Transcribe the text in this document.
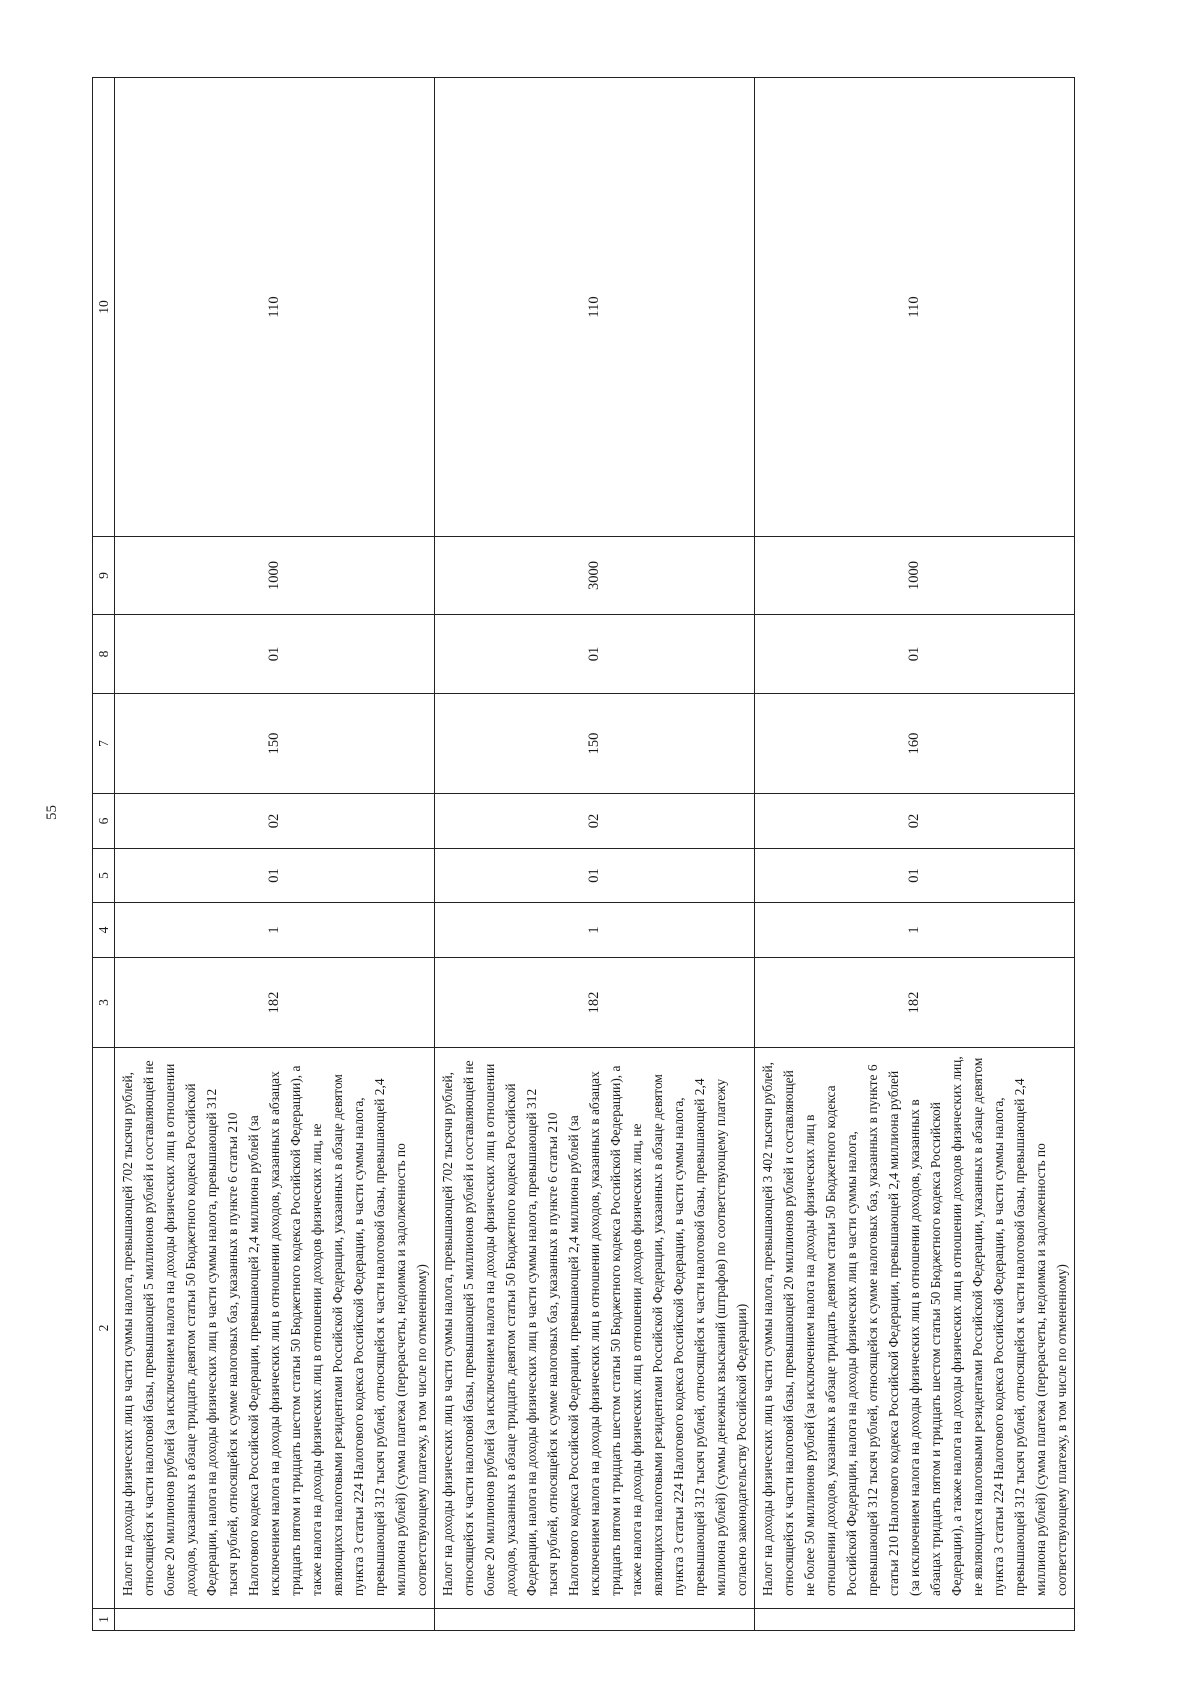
55
1	2	3	4	5	6	7	8	9	10
	Налог на доходы физических лиц в части суммы налога, превышающей 702 тысячи рублей, относящейся к части налоговой базы, превышающей 5 миллионов рублей и составляющей не более 20 миллионов рублей (за исключением налога на доходы физических лиц в отношении доходов, указанных в абзаце тридцать девятом статьи 50 Бюджетного кодекса Российской Федерации, налога на доходы физических лиц в части суммы налога, превышающей 312 тысяч рублей, относящейся к сумме налоговых баз, указанных в пункте 6 статьи 210 Налогового кодекса Российской Федерации, превышающей 2,4 миллиона рублей (за исключением налога на доходы физических лиц в отношении доходов, указанных в абзацах тридцать пятом и тридцать шестом статьи 50 Бюджетного кодекса Российской Федерации), а также налога на доходы физических лиц в отношении доходов физических лиц, не являющихся налоговыми резидентами Российской Федерации, указанных в абзаце девятом пункта 3 статьи 224 Налогового кодекса Российской Федерации, в части суммы налога, превышающей 312 тысяч рублей, относящейся к части налоговой базы, превышающей 2,4 миллиона рублей) (сумма платежа (перерасчеты, недоимка и задолженность по соответствующему платежу, в том числе по отмененному)	182	1	01	02	150	01	1000	110
	Налог на доходы физических лиц в части суммы налога, превышающей 702 тысячи рублей, относящейся к части налоговой базы, превышающей 5 миллионов рублей и составляющей не более 20 миллионов рублей (за исключением налога на доходы физических лиц в отношении доходов, указанных в абзаце тридцать девятом статьи 50 Бюджетного кодекса Российской Федерации, налога на доходы физических лиц в части суммы налога, превышающей 312 тысяч рублей, относящейся к сумме налоговых баз, указанных в пункте 6 статьи 210 Налогового кодекса Российской Федерации, превышающей 2,4 миллиона рублей (за исключением налога на доходы физических лиц в отношении доходов, указанных в абзацах тридцать пятом и тридцать шестом статьи 50 Бюджетного кодекса Российской Федерации), а также налога на доходы физических лиц в отношении доходов физических лиц, не являющихся налоговыми резидентами Российской Федерации, указанных в абзаце девятом пункта 3 статьи 224 Налогового кодекса Российской Федерации, в части суммы налога, превышающей 312 тысяч рублей, относящейся к части налоговой базы, превышающей 2,4 миллиона рублей) (суммы денежных взысканий (штрафов) по соответствующему платежу согласно законодательству Российской Федерации)	182	1	01	02	150	01	3000	110
	Налог на доходы физических лиц в части суммы налога, превышающей 3 402 тысячи рублей, относящейся к части налоговой базы, превышающей 20 миллионов рублей и составляющей не более 50 миллионов рублей (за исключением налога на доходы физических лиц в отношении доходов, указанных в абзаце тридцать девятом статьи 50 Бюджетного кодекса Российской Федерации, налога на доходы физических лиц в части суммы налога, превышающей 312 тысяч рублей, относящейся к сумме налоговых баз, указанных в пункте 6 статьи 210 Налогового кодекса Российской Федерации, превышающей 2,4 миллиона рублей (за исключением налога на доходы физических лиц в отношении доходов, указанных в абзацах тридцать пятом и тридцать шестом статьи 50 Бюджетного кодекса Российской Федерации), а также налога на доходы физических лиц в отношении доходов физических лиц, не являющихся налоговыми резидентами Российской Федерации, указанных в абзаце девятом пункта 3 статьи 224 Налогового кодекса Российской Федерации, в части суммы налога, превышающей 312 тысяч рублей, относящейся к части налоговой базы, превышающей 2,4 миллиона рублей) (сумма платежа (перерасчеты, недоимка и задолженность по соответствующему платежу, в том числе по отмененному)	182	1	01	02	160	01	1000	110
